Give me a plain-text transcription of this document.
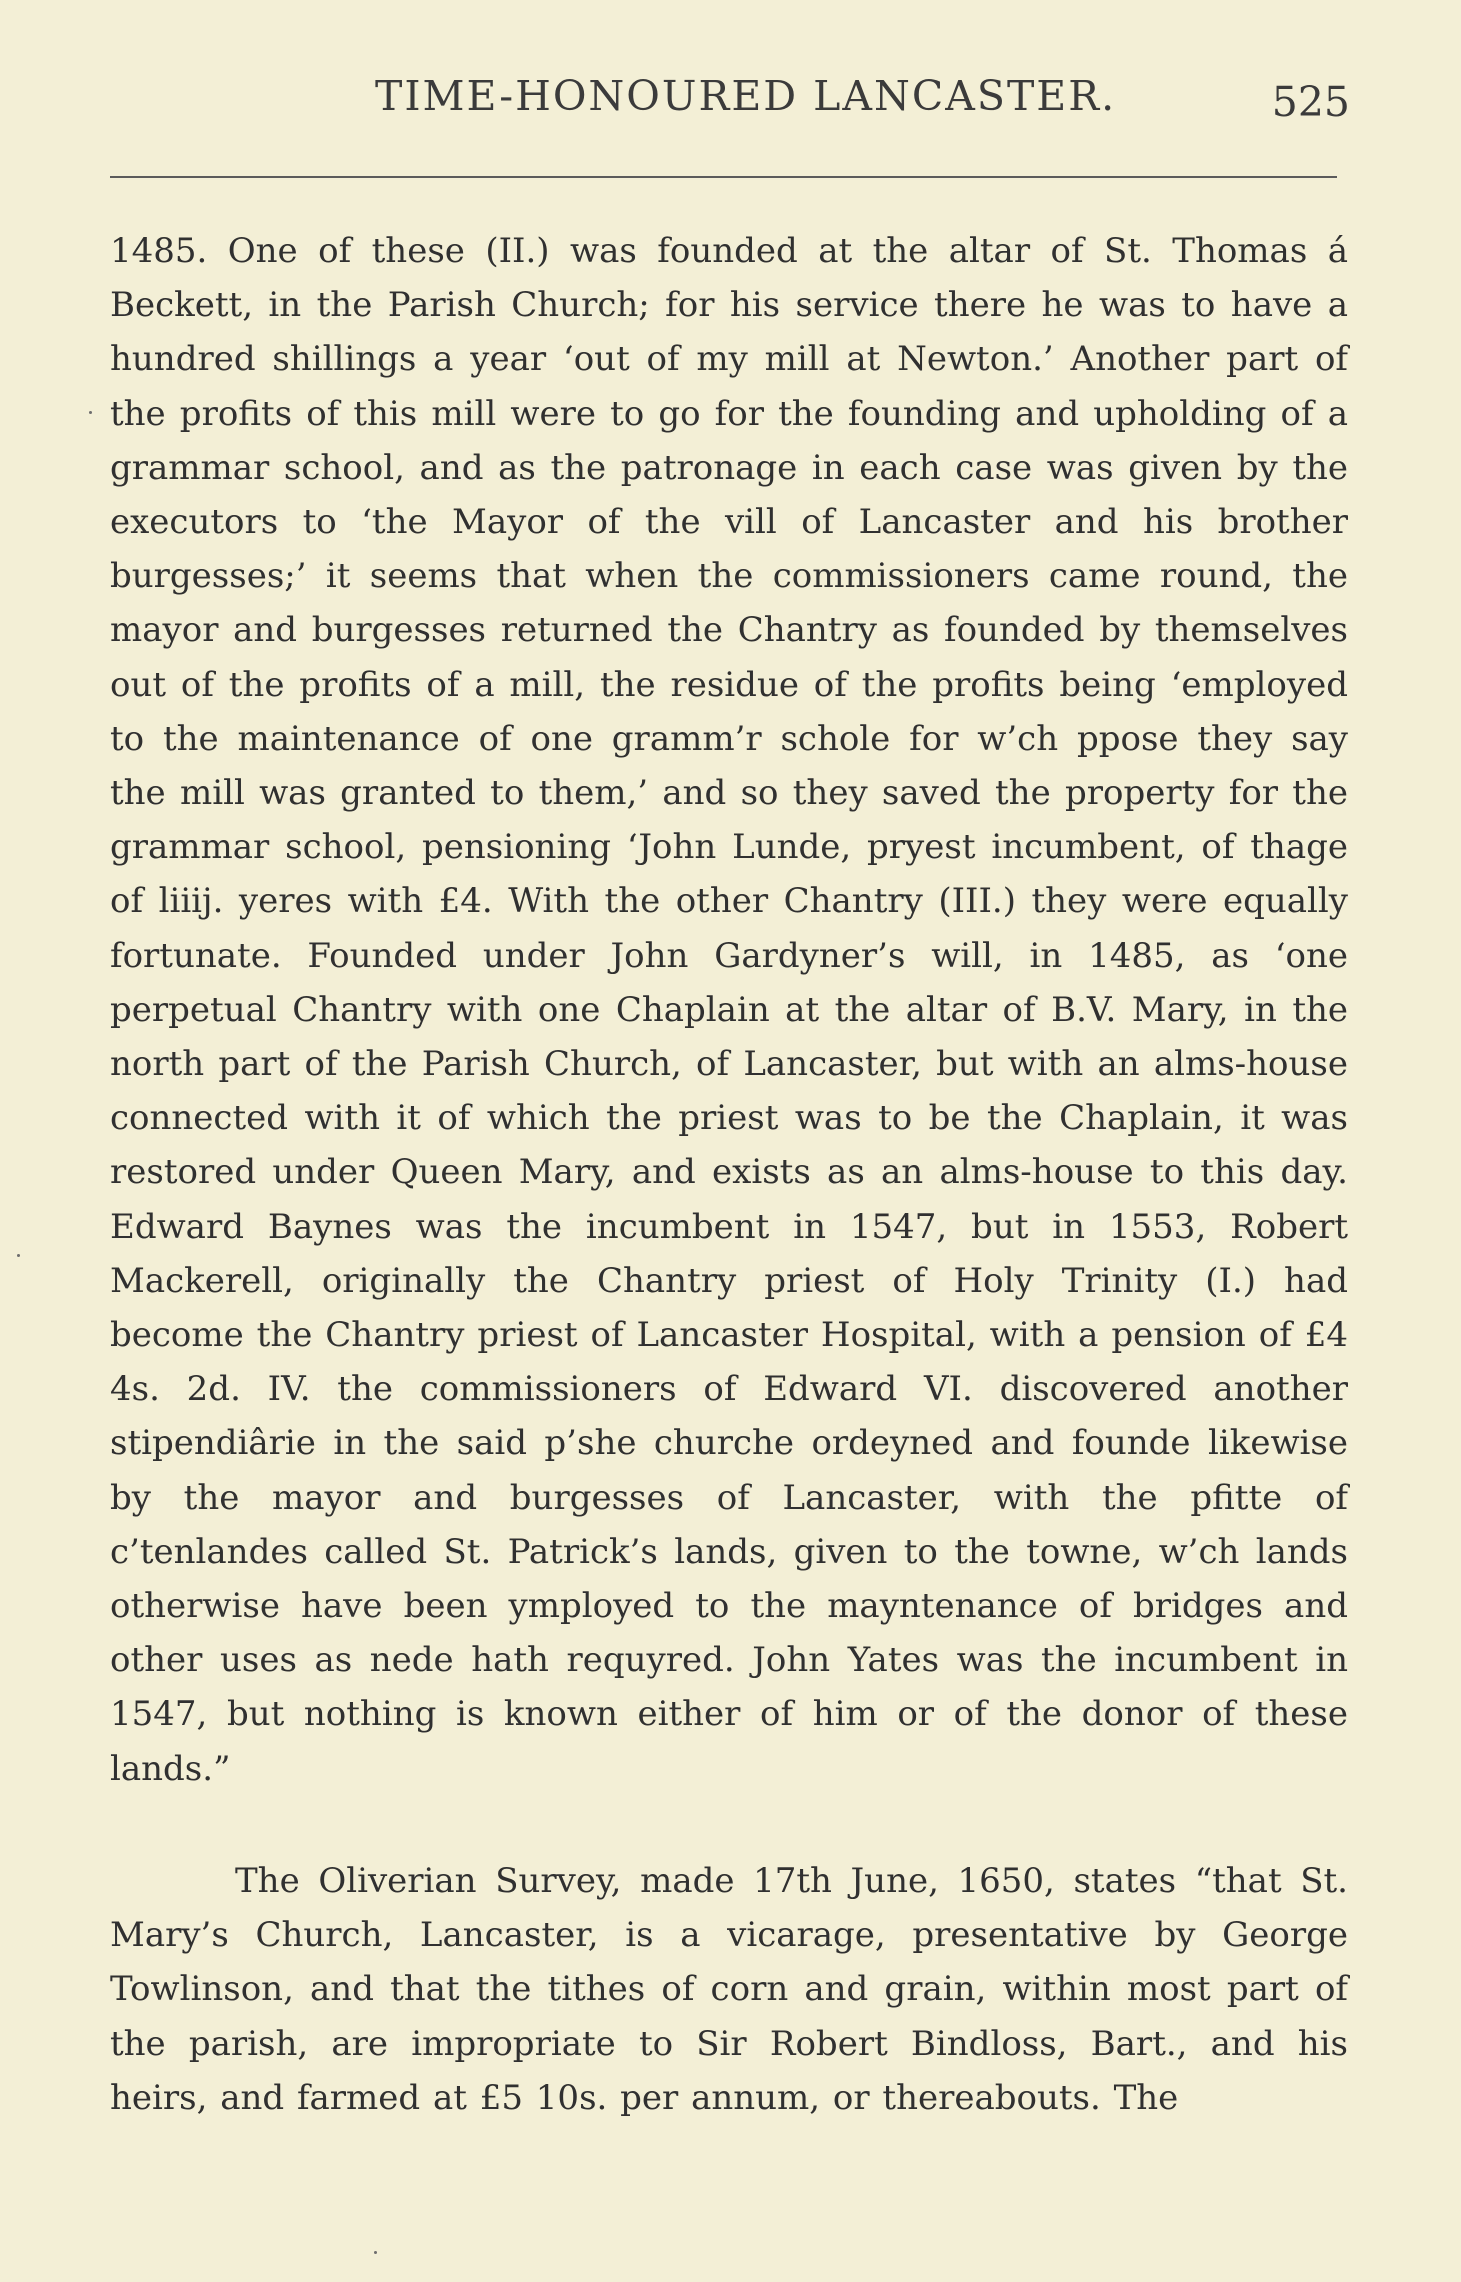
TIME-HONOURED LANCASTER.	525

1485. One of these (II.) was founded at the altar of St. Thomas á Beckett, in the Parish Church; for his service there he was to have a hundred shillings a year ‘out of my mill at Newton.’ Another part of the profits of this mill were to go for the founding and upholding of a grammar school, and as the patronage in each case was given by the executors to ‘the Mayor of the vill of Lancaster and his brother burgesses;’ it seems that when the commissioners came round, the mayor and burgesses returned the Chantry as founded by themselves out of the profits of a mill, the residue of the profits being ‘employed to the maintenance of one gramm’r schole for w’ch ppose they say the mill was granted to them,’ and so they saved the property for the grammar school, pensioning ‘John Lunde, pryest incumbent, of thage of liiij. yeres with £4. With the other Chantry (III.) they were equally fortunate. Founded under John Gardyner’s will, in 1485, as ‘one perpetual Chantry with one Chaplain at the altar of B.V. Mary, in the north part of the Parish Church, of Lancaster, but with an alms-house connected with it of which the priest was to be the Chaplain, it was restored under Queen Mary, and exists as an alms-house to this day. Edward Baynes was the incumbent in 1547, but in 1553, Robert Mackerell, originally the Chantry priest of Holy Trinity (I.) had become the Chantry priest of Lancaster Hospital, with a pension of £4 4s. 2d. IV. the commissioners of Edward VI. discovered another stipendiârie in the said p’she churche ordeyned and founde likewise by the mayor and burgesses of Lancaster, with the pfitte of c’tenlandes called St. Patrick’s lands, given to the towne, w’ch lands otherwise have been ymployed to the mayntenance of bridges and other uses as nede hath requyred. John Yates was the incumbent in 1547, but nothing is known either of him or of the donor of these lands.”

The Oliverian Survey, made 17th June, 1650, states “that St. Mary’s Church, Lancaster, is a vicarage, presentative by George Towlinson, and that the tithes of corn and grain, within most part of the parish, are impropriate to Sir Robert Bindloss, Bart., and his heirs, and farmed at £5 10s. per annum, or thereabouts. The
